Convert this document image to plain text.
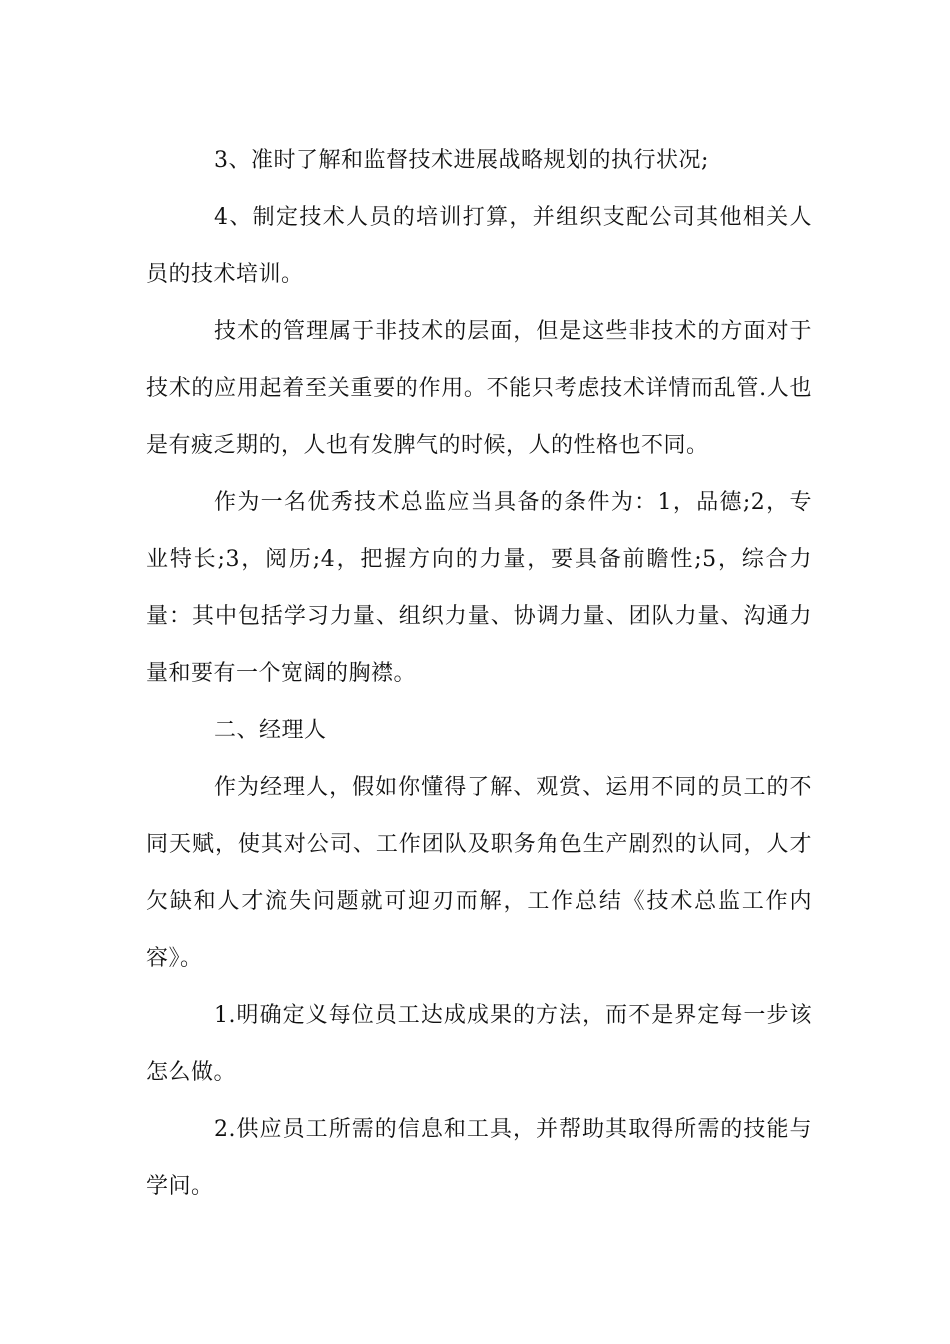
3、准时了解和监督技术进展战略规划的执行状况;

4、制定技术人员的培训打算，并组织支配公司其他相关人员的技术培训。

技术的管理属于非技术的层面，但是这些非技术的方面对于技术的应用起着至关重要的作用。不能只考虑技术详情而乱管.人也是有疲乏期的，人也有发脾气的时候，人的性格也不同。

作为一名优秀技术总监应当具备的条件为：1，品德;2，专业特长;3，阅历;4，把握方向的力量，要具备前瞻性;5，综合力量：其中包括学习力量、组织力量、协调力量、团队力量、沟通力量和要有一个宽阔的胸襟。

二、经理人

作为经理人，假如你懂得了解、观赏、运用不同的员工的不同天赋，使其对公司、工作团队及职务角色生产剧烈的认同，人才欠缺和人才流失问题就可迎刃而解，工作总结《技术总监工作内容》。

1.明确定义每位员工达成成果的方法，而不是界定每一步该怎么做。

2.供应员工所需的信息和工具，并帮助其取得所需的技能与学问。
